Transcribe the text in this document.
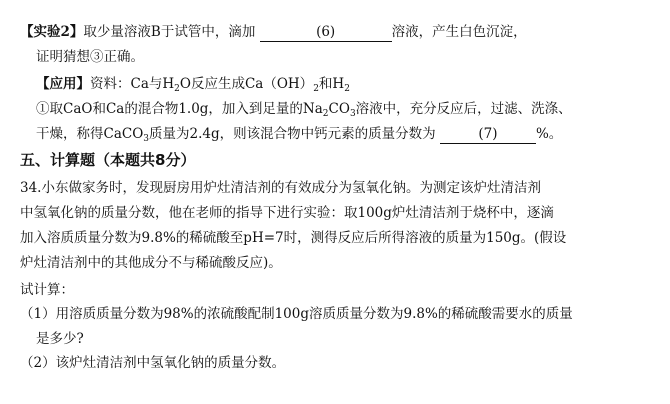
【实验2】取少量溶液B于试管中，滴加	(6)	溶液，产生白色沉淀，
证明猜想③正确。
【应用】资料：Ca与$H_2O$反应生成$Ca(OH)_2$和$H_2$
①取CaO和Ca的混合物1.0g，加入到足量的$Na_2CO_3$溶液中，充分反应后，过滤、洗涤、
干燥，称得CaCO$_3$质量为2.4g，则该混合物中钙元素的质量分数为	(7)	%。
五、计算题（本题共8分）
34.小东做家务时，发现厨房用炉灶清洁剂的有效成分为氢氧化钠。为测定该炉灶清洁剂
中氢氧化钠的质量分数，他在老师的指导下进行实验：取100g炉灶清洁剂于烧杯中，逐滴
加入溶质质量分数为9.8%的稀硫酸至pH=7时，测得反应后所得溶液的质量为150g。(假设
炉灶清洁剂中的其他成分不与稀硫酸反应)。
试计算：
（1）用溶质质量分数为98%的浓硫酸配制100g溶质质量分数为9.8%的稀硫酸需要水的质量
是多少?
（2）该炉灶清洁剂中氢氧化钠的质量分数。
